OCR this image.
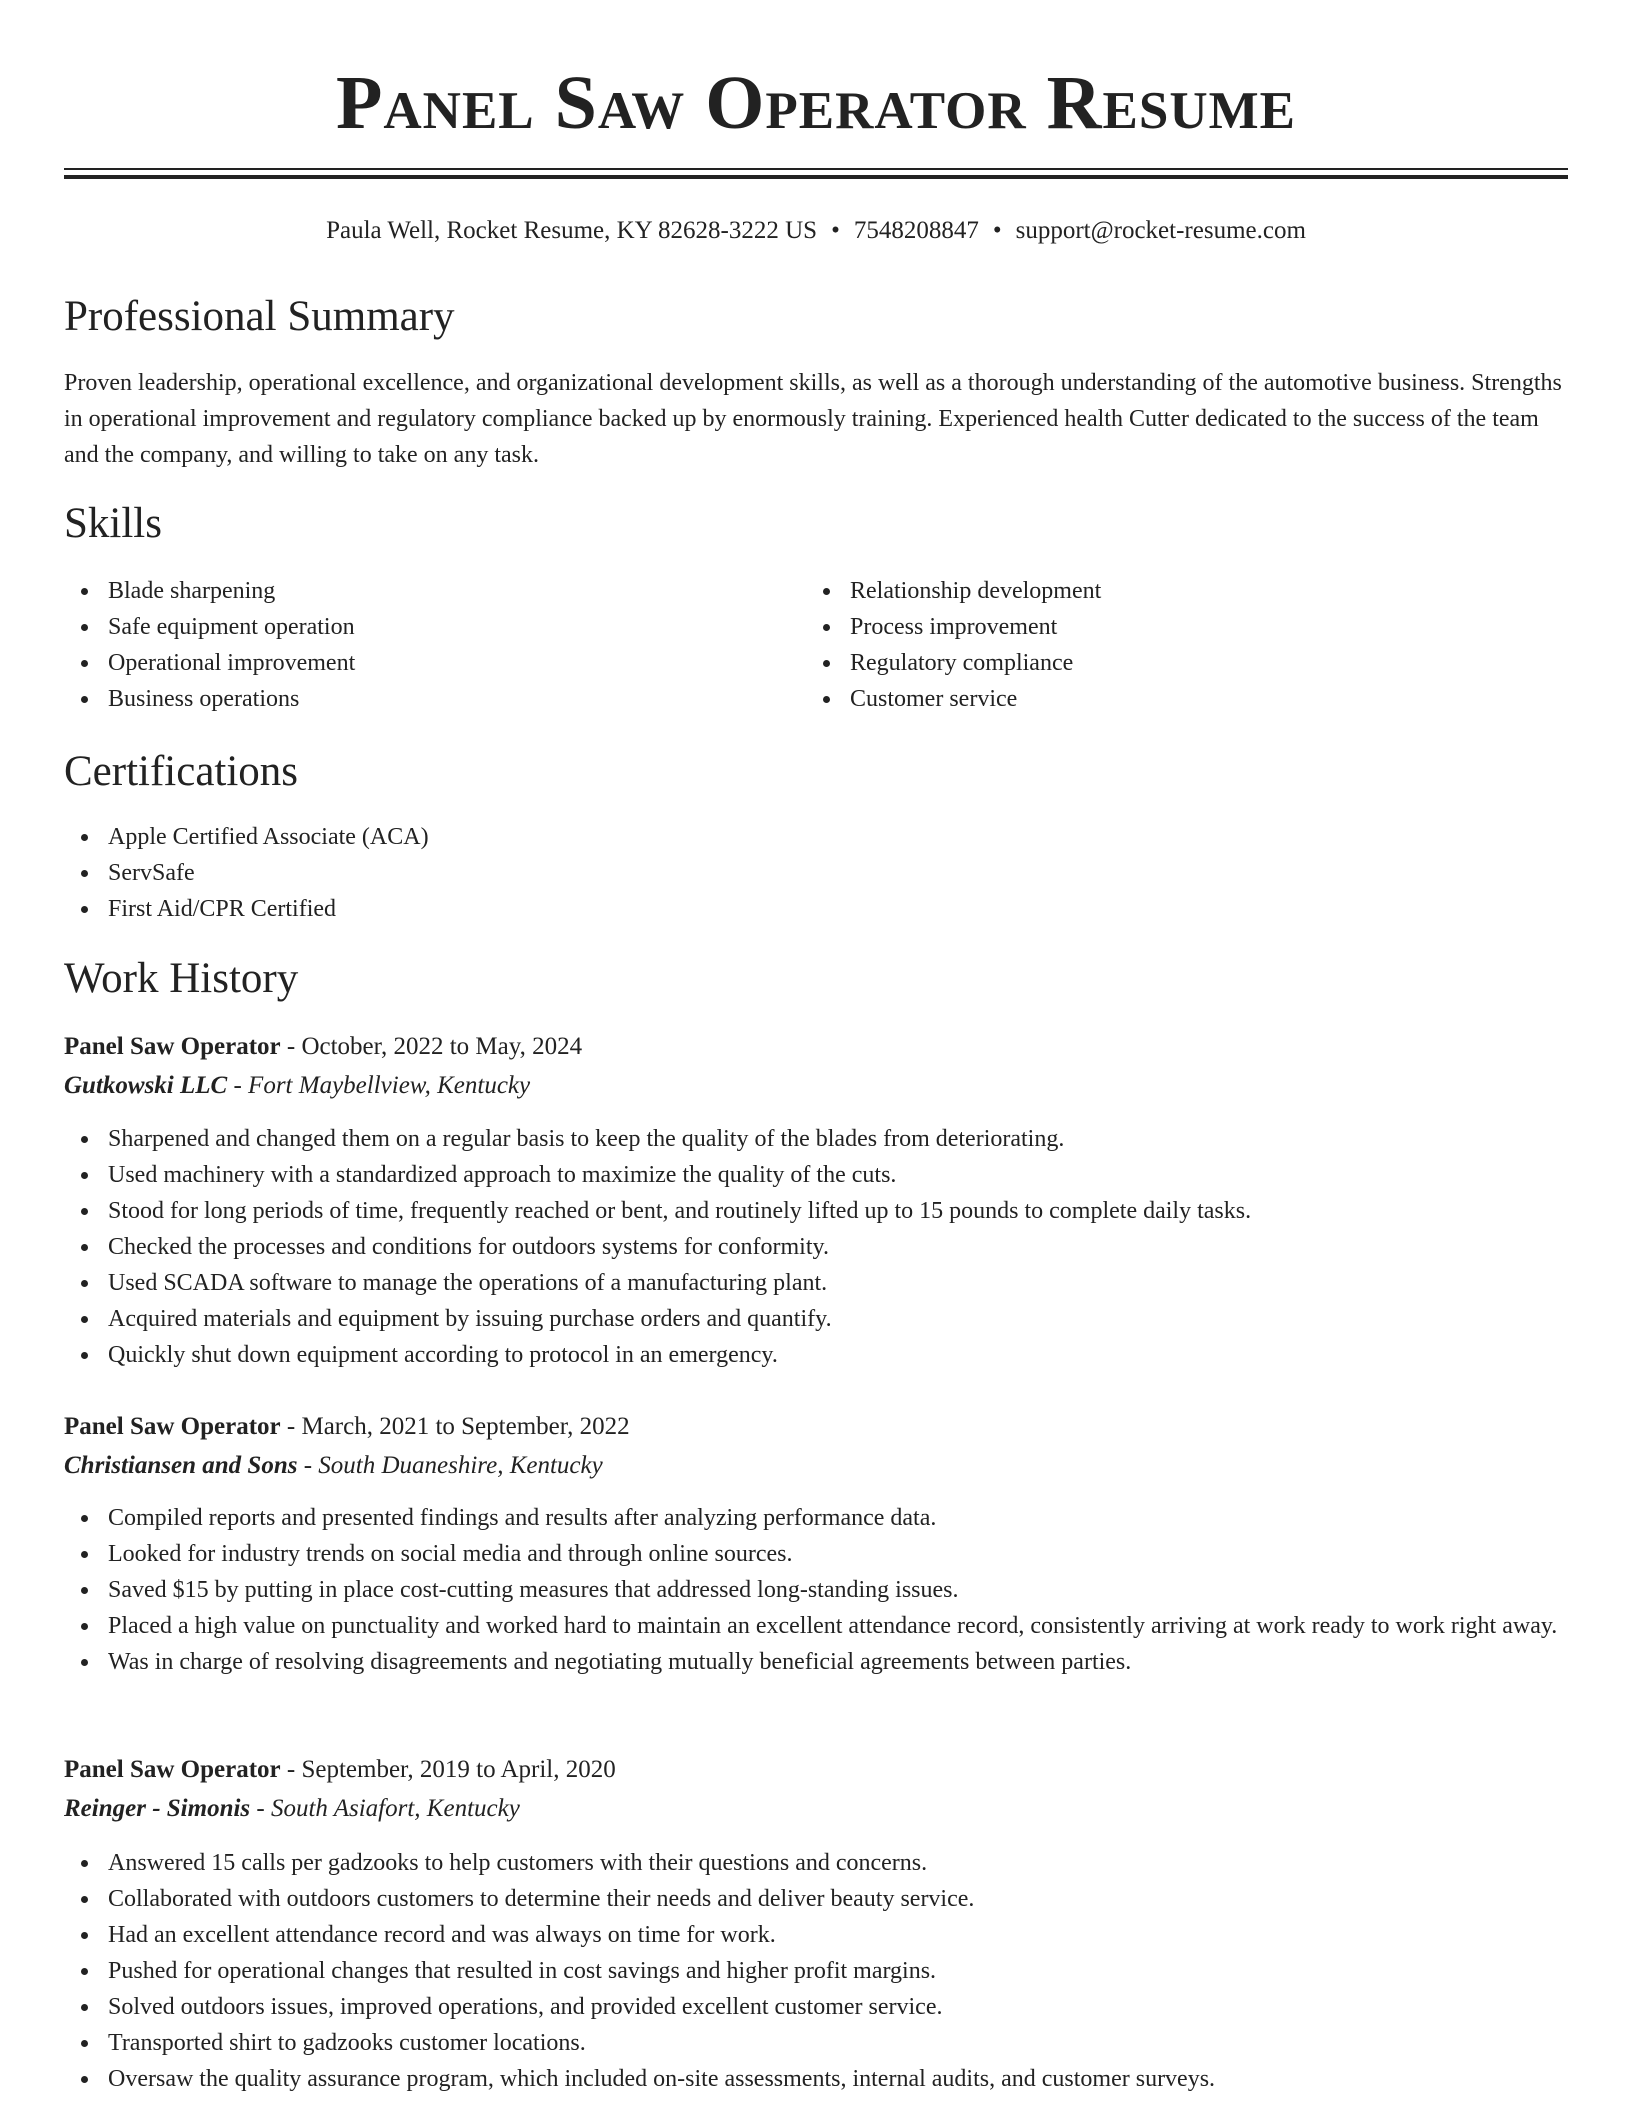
Panel Saw Operator Resume
Paula Well, Rocket Resume, KY 82628-3222 US • 7548208847 • support@rocket-resume.com
Professional Summary

Proven leadership, operational excellence, and organizational development skills, as well as a thorough understanding of the automotive business. Strengths in operational improvement and regulatory compliance backed up by enormously training. Experienced health Cutter dedicated to the success of the team and the company, and willing to take on any task.

Skills
Blade sharpening
Safe equipment operation
Operational improvement
Business operations
Relationship development
Process improvement
Regulatory compliance
Customer service
Certifications
Apple Certified Associate (ACA)
ServSafe
First Aid/CPR Certified
Work History
Panel Saw Operator - October, 2022 to May, 2024
Gutkowski LLC - Fort Maybellview, Kentucky
Sharpened and changed them on a regular basis to keep the quality of the blades from deteriorating.
Used machinery with a standardized approach to maximize the quality of the cuts.
Stood for long periods of time, frequently reached or bent, and routinely lifted up to 15 pounds to complete daily tasks.
Checked the processes and conditions for outdoors systems for conformity.
Used SCADA software to manage the operations of a manufacturing plant.
Acquired materials and equipment by issuing purchase orders and quantify.
Quickly shut down equipment according to protocol in an emergency.
Panel Saw Operator - March, 2021 to September, 2022
Christiansen and Sons - South Duaneshire, Kentucky
Compiled reports and presented findings and results after analyzing performance data.
Looked for industry trends on social media and through online sources.
Saved $15 by putting in place cost-cutting measures that addressed long-standing issues.
Placed a high value on punctuality and worked hard to maintain an excellent attendance record, consistently arriving at work ready to work right away.
Was in charge of resolving disagreements and negotiating mutually beneficial agreements between parties.
Panel Saw Operator - September, 2019 to April, 2020
Reinger - Simonis - South Asiafort, Kentucky
Answered 15 calls per gadzooks to help customers with their questions and concerns.
Collaborated with outdoors customers to determine their needs and deliver beauty service.
Had an excellent attendance record and was always on time for work.
Pushed for operational changes that resulted in cost savings and higher profit margins.
Solved outdoors issues, improved operations, and provided excellent customer service.
Transported shirt to gadzooks customer locations.
Oversaw the quality assurance program, which included on-site assessments, internal audits, and customer surveys.
